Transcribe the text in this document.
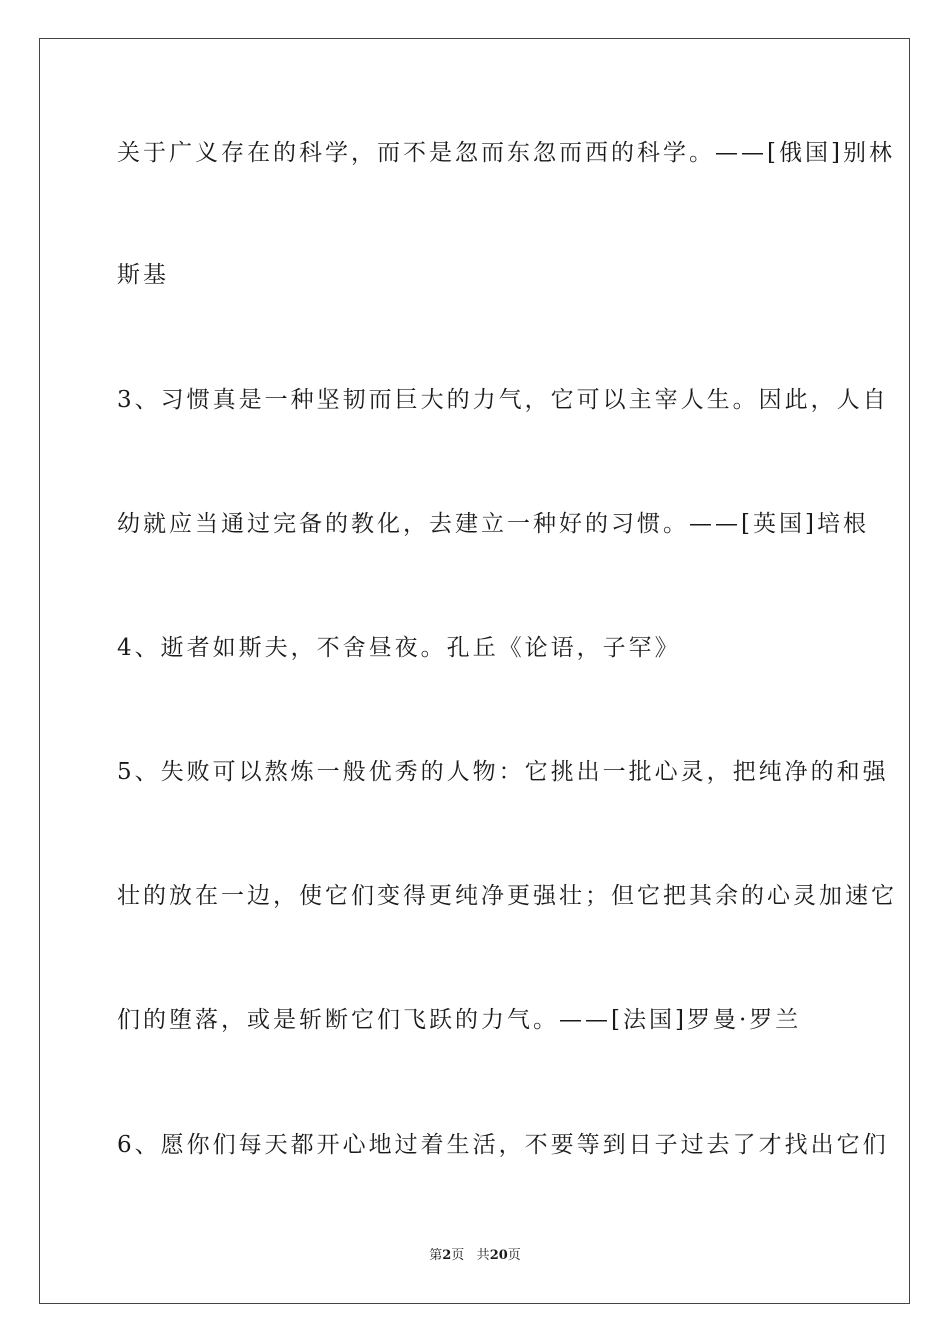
关于广义存在的科学，而不是忽而东忽而西的科学。——[俄国]别林
斯基
3、习惯真是一种坚韧而巨大的力气，它可以主宰人生。因此，人自
幼就应当通过完备的教化，去建立一种好的习惯。——[英国]培根
4、逝者如斯夫，不舍昼夜。孔丘《论语，子罕》
5、失败可以熬炼一般优秀的人物：它挑出一批心灵，把纯净的和强
壮的放在一边，使它们变得更纯净更强壮；但它把其余的心灵加速它
们的堕落，或是斩断它们飞跃的力气。——[法国]罗曼·罗兰
6、愿你们每天都开心地过着生活，不要等到日子过去了才找出它们
第2页 共20页
